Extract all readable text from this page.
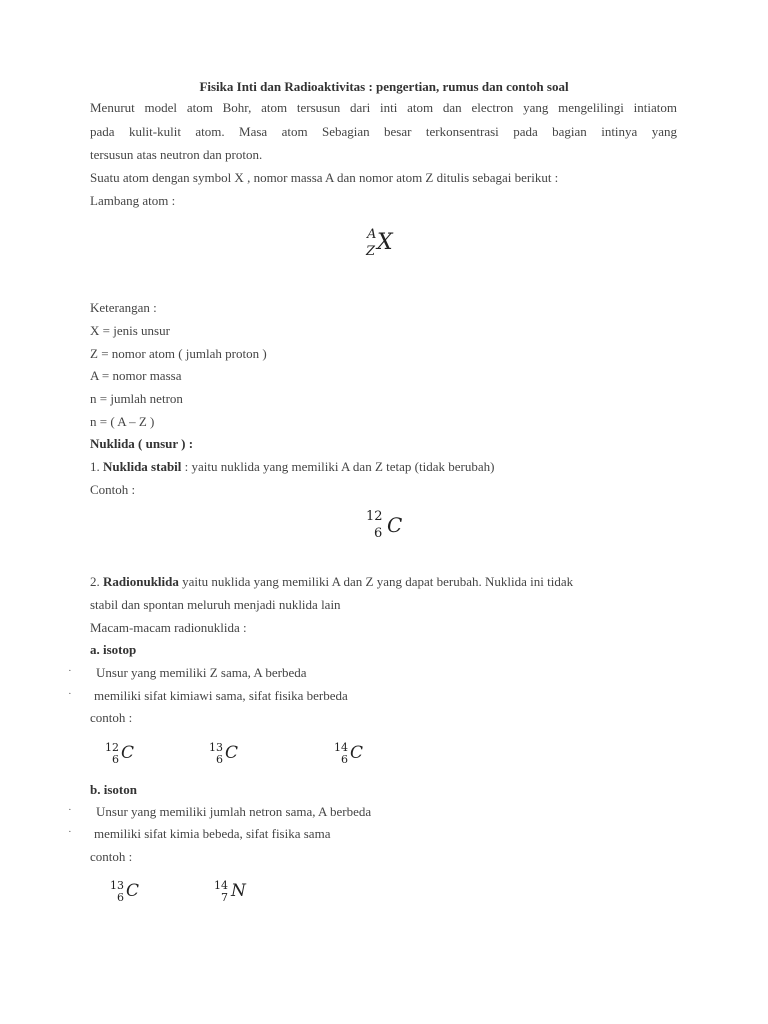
Fisika Inti dan Radioaktivitas : pengertian, rumus dan contoh soal
Menurut model atom Bohr, atom tersusun dari inti atom dan electron yang mengelilingi intiatom
pada kulit-kulit atom. Masa atom Sebagian besar terkonsentrasi pada bagian intinya yang
tersusun atas neutron dan proton.
Suatu atom dengan symbol X , nomor massa A dan nomor atom Z ditulis sebagai berikut :
Lambang atom :
A
Z X
Keterangan :
X = jenis unsur
Z = nomor atom ( jumlah proton )
A = nomor massa
n = jumlah netron
n = ( A – Z )
Nuklida ( unsur ) :
1. Nuklida stabil : yaitu nuklida yang memiliki A dan Z tetap (tidak berubah)
Contoh :
12
6 C
2. Radionuklida yaitu nuklida yang memiliki A dan Z yang dapat berubah. Nuklida ini tidak
stabil dan spontan meluruh menjadi nuklida lain
Macam-macam radionuklida :
a. isotop
· Unsur yang memiliki Z sama, A berbeda
· memiliki sifat kimiawi sama, sifat fisika berbeda
contoh :
12
6 C	13
6 C	14
6 C
b. isoton
· Unsur yang memiliki jumlah netron sama, A berbeda
· memiliki sifat kimia bebeda, sifat fisika sama
contoh :
13
6 C	14
7 N
